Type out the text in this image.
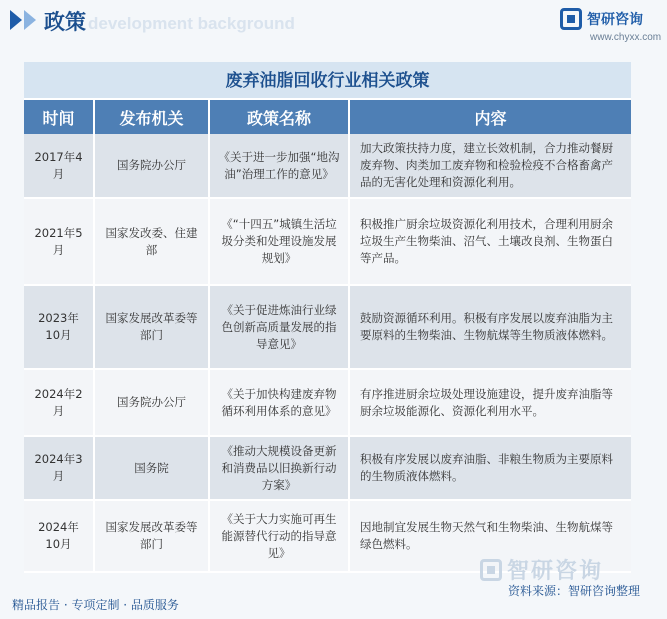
development background
政策	智研咨询
www.chyxx.com
废弃油脂回收行业相关政策
时间	发布机关	政策名称	内容
2017年4月	国务院办公厅	《关于进一步加强“地沟油”治理工作的意见》	加大政策扶持力度，建立长效机制，合力推动餐厨废弃物、肉类加工废弃物和检验检疫不合格畜禽产品的无害化处理和资源化利用。
2021年5月	国家发改委、住建部	《“十四五”城镇生活垃圾分类和处理设施发展规划》	积极推广厨余垃圾资源化利用技术，合理利用厨余垃圾生产生物柴油、沼气、土壤改良剂、生物蛋白等产品。
2023年10月	国家发展改革委等部门	《关于促进炼油行业绿色创新高质量发展的指导意见》	鼓励资源循环利用。积极有序发展以废弃油脂为主要原料的生物柴油、生物航煤等生物质液体燃料。
2024年2月	国务院办公厅	《关于加快构建废弃物循环利用体系的意见》	有序推进厨余垃圾处理设施建设，提升废弃油脂等厨余垃圾能源化、资源化利用水平。
2024年3月	国务院	《推动大规模设备更新和消费品以旧换新行动方案》	积极有序发展以废弃油脂、非粮生物质为主要原料的生物质液体燃料。
2024年10月	国家发展改革委等部门	《关于大力实施可再生能源替代行动的指导意见》	因地制宜发展生物天然气和生物柴油、生物航煤等绿色燃料。
智研咨询
精品报告 · 专项定制 · 品质服务
资料来源：智研咨询整理
